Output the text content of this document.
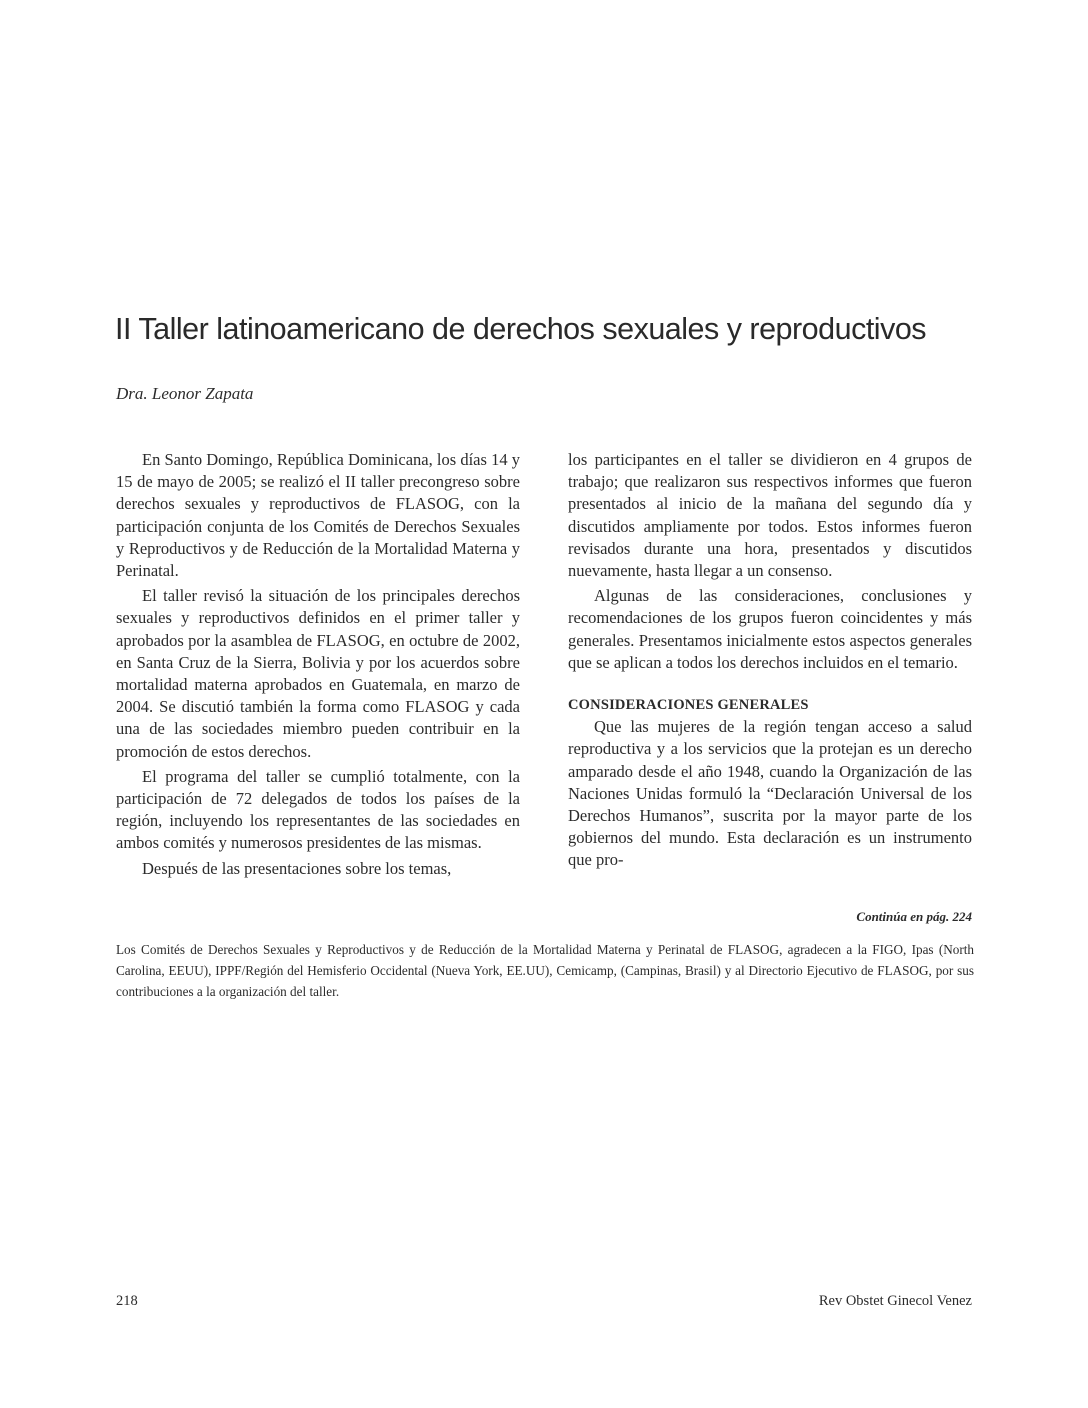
II Taller latinoamericano de derechos sexuales y reproductivos

Dra. Leonor Zapata

En Santo Domingo, República Dominicana, los días 14 y 15 de mayo de 2005; se realizó el II taller precongreso sobre derechos sexuales y reproductivos de FLASOG, con la participación conjunta de los Comités de Derechos Sexuales y Reproductivos y de Reducción de la Mortalidad Materna y Perinatal.

El taller revisó la situación de los principales derechos sexuales y reproductivos definidos en el primer taller y aprobados por la asamblea de FLASOG, en octubre de 2002, en Santa Cruz de la Sierra, Bolivia y por los acuerdos sobre mortalidad materna aprobados en Guatemala, en marzo de 2004. Se discutió también la forma como FLASOG y cada una de las sociedades miembro pueden contribuir en la promoción de estos derechos.

El programa del taller se cumplió totalmente, con la participación de 72 delegados de todos los países de la región, incluyendo los representantes de las sociedades en ambos comités y numerosos presidentes de las mismas.

Después de las presentaciones sobre los temas,

los participantes en el taller se dividieron en 4 grupos de trabajo; que realizaron sus respectivos informes que fueron presentados al inicio de la mañana del segundo día y discutidos ampliamente por todos. Estos informes fueron revisados durante una hora, presentados y discutidos nuevamente, hasta llegar a un consenso.

Algunas de las consideraciones, conclusiones y recomendaciones de los grupos fueron coincidentes y más generales. Presentamos inicialmente estos aspectos generales que se aplican a todos los derechos incluidos en el temario.

CONSIDERACIONES GENERALES

Que las mujeres de la región tengan acceso a salud reproductiva y a los servicios que la protejan es un derecho amparado desde el año 1948, cuando la Organización de las Naciones Unidas formuló la “Declaración Universal de los Derechos Humanos”, suscrita por la mayor parte de los gobiernos del mundo. Esta declaración es un instrumento que pro-

Continúa en pág. 224

Los Comités de Derechos Sexuales y Reproductivos y de Reducción de la Mortalidad Materna y Perinatal de FLASOG, agradecen a la FIGO, Ipas (North Carolina, EEUU), IPPF/Región del Hemisferio Occidental (Nueva York, EE.UU), Cemicamp, (Campinas, Brasil) y al Directorio Ejecutivo de FLASOG, por sus contribuciones a la organización del taller.

218	Rev Obstet Ginecol Venez
